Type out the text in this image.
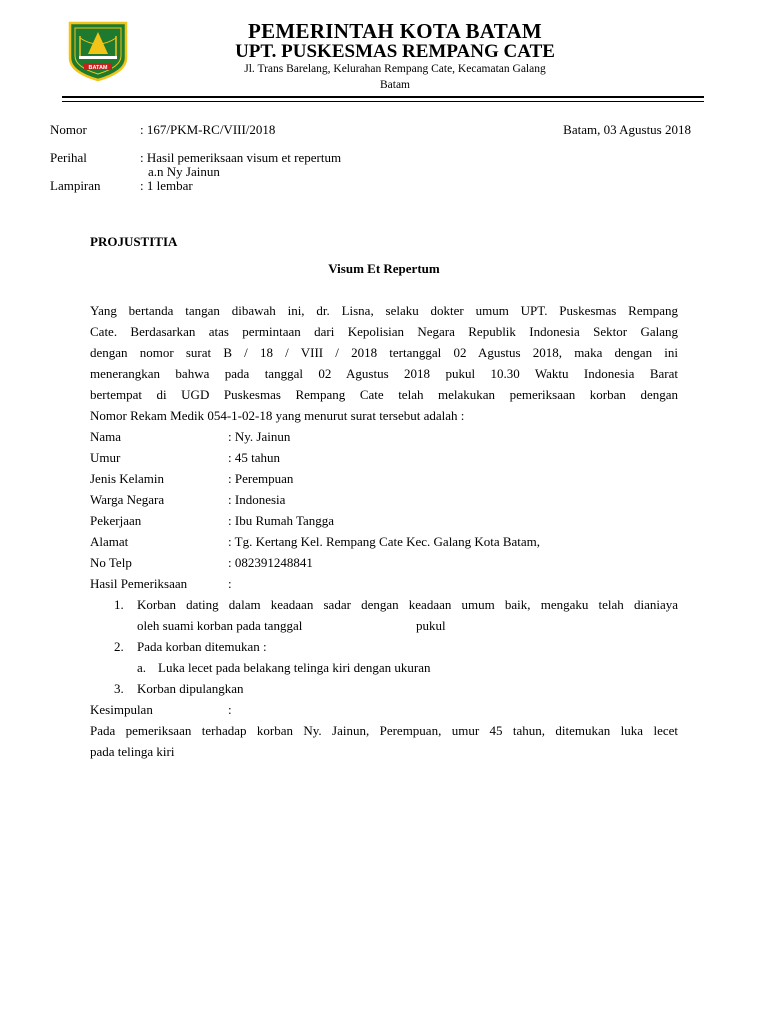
BATAM
PEMERINTAH KOTA BATAM
UPT. PUSKESMAS REMPANG CATE
Jl. Trans Barelang, Kelurahan Rempang Cate, Kecamatan Galang
Batam
Nomor	: 167/PKM-RC/VIII/2018	Batam, 03 Agustus 2018
Perihal	: Hasil pemeriksaan visum et repertum
a.n Ny Jainun
Lampiran	: 1 lembar
PROJUSTITIA
Visum Et Repertum
Yang bertanda tangan dibawah ini, dr. Lisna, selaku dokter umum UPT. Puskesmas Rempang
Cate. Berdasarkan atas permintaan dari Kepolisian Negara Republik Indonesia Sektor Galang
dengan nomor surat B / 18 / VIII / 2018 tertanggal 02 Agustus 2018, maka dengan ini
menerangkan bahwa pada tanggal 02 Agustus 2018 pukul 10.30 Waktu Indonesia Barat
bertempat di UGD Puskesmas Rempang Cate telah melakukan pemeriksaan korban dengan
Nomor Rekam Medik 054-1-02-18 yang menurut surat tersebut adalah :
Nama	: Ny. Jainun
Umur	: 45 tahun
Jenis Kelamin	: Perempuan
Warga Negara	: Indonesia
Pekerjaan	: Ibu Rumah Tangga
Alamat	: Tg. Kertang Kel. Rempang Cate Kec. Galang Kota Batam,
No Telp	: 082391248841
Hasil Pemeriksaan	:
1. Korban dating dalam keadaan sadar dengan keadaan umum baik, mengaku telah dianiaya
oleh suami korban pada tanggal	pukul
2. Pada korban ditemukan :
a. Luka lecet pada belakang telinga kiri dengan ukuran
3. Korban dipulangkan
Kesimpulan	:
Pada pemeriksaan terhadap korban Ny. Jainun, Perempuan, umur 45 tahun, ditemukan luka lecet
pada telinga kiri
